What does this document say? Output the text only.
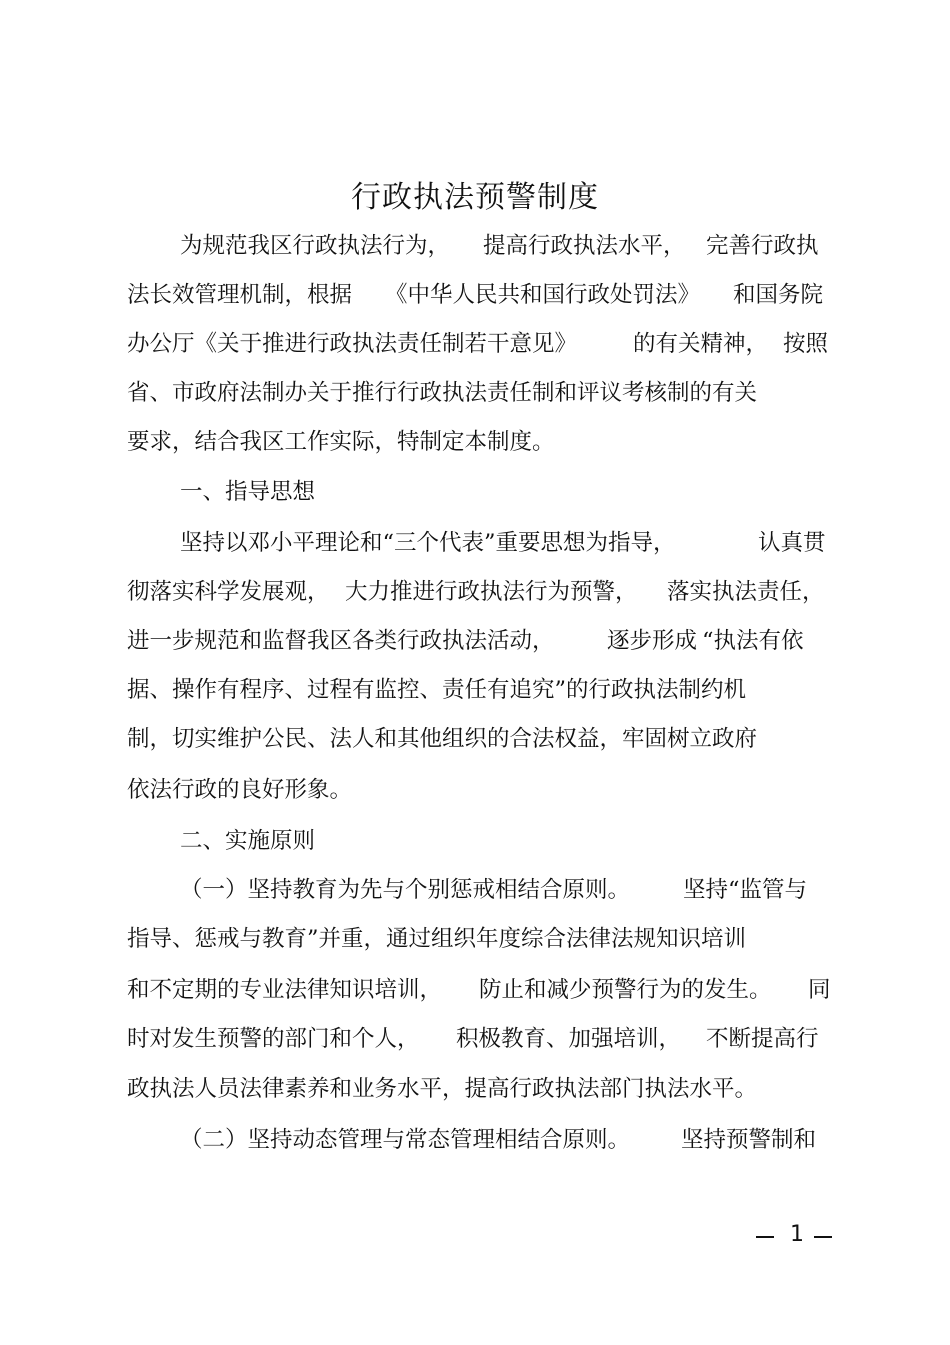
行政执法预警制度
为规范我区行政执法行为， 提高行政执法水平， 完善行政执
法长效管理机制，根据 《中华人民共和国行政处罚法》 和国务院
办公厅《关于推进行政执法责任制若干意见》 的有关精神， 按照
省、市政府法制办关于推行行政执法责任制和评议考核制的有关
要求，结合我区工作实际，特制定本制度。
一、指导思想
坚持以邓小平理论和“三个代表”重要思想为指导，	认真贯
彻落实科学发展观， 大力推进行政执法行为预警， 落实执法责任，
进一步规范和监督我区各类行政执法活动， 逐步形成 “执法有依
据、操作有程序、过程有监控、责任有追究”的行政执法制约机
制，切实维护公民、法人和其他组织的合法权益，牢固树立政府
依法行政的良好形象。
二、实施原则
（一）坚持教育为先与个别惩戒相结合原则。 坚持“监管与
指导、惩戒与教育”并重，通过组织年度综合法律法规知识培训
和不定期的专业法律知识培训， 防止和减少预警行为的发生。 同
时对发生预警的部门和个人， 积极教育、加强培训， 不断提高行
政执法人员法律素养和业务水平，提高行政执法部门执法水平。
（二）坚持动态管理与常态管理相结合原则。 坚持预警制和
1
